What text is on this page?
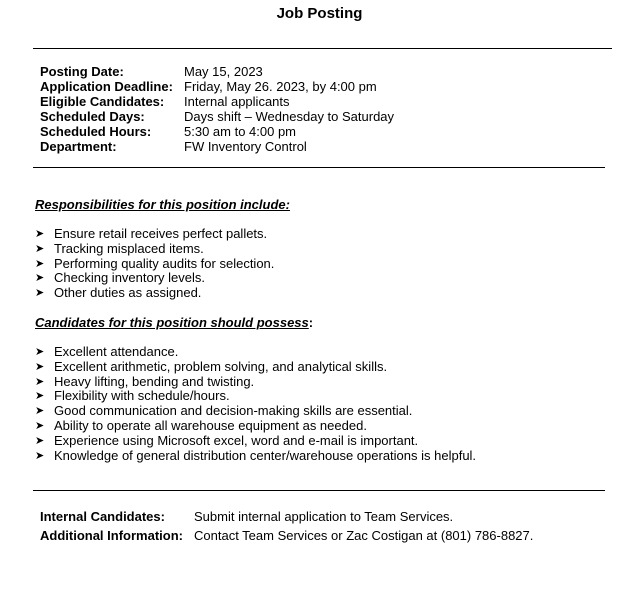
Job Posting
Posting Date:	May 15, 2023
Application Deadline: Friday, May 26. 2023, by 4:00 pm
Eligible Candidates:	Internal applicants
Scheduled Days:	Days shift – Wednesday to Saturday
Scheduled Hours:	5:30 am to 4:00 pm
Department:	FW Inventory Control
Responsibilities for this position include:
➤ Ensure retail receives perfect pallets.
➤ Tracking misplaced items.
➤ Performing quality audits for selection.
➤ Checking inventory levels.
➤ Other duties as assigned.
Candidates for this position should possess:
➤ Excellent attendance.
➤ Excellent arithmetic, problem solving, and analytical skills.
➤ Heavy lifting, bending and twisting.
➤ Flexibility with schedule/hours.
➤ Good communication and decision-making skills are essential.
➤ Ability to operate all warehouse equipment as needed.
➤ Experience using Microsoft excel, word and e-mail is important.
➤ Knowledge of general distribution center/warehouse operations is helpful.
Internal Candidates:	Submit internal application to Team Services.
Additional Information: Contact Team Services or Zac Costigan at (801) 786-8827.
